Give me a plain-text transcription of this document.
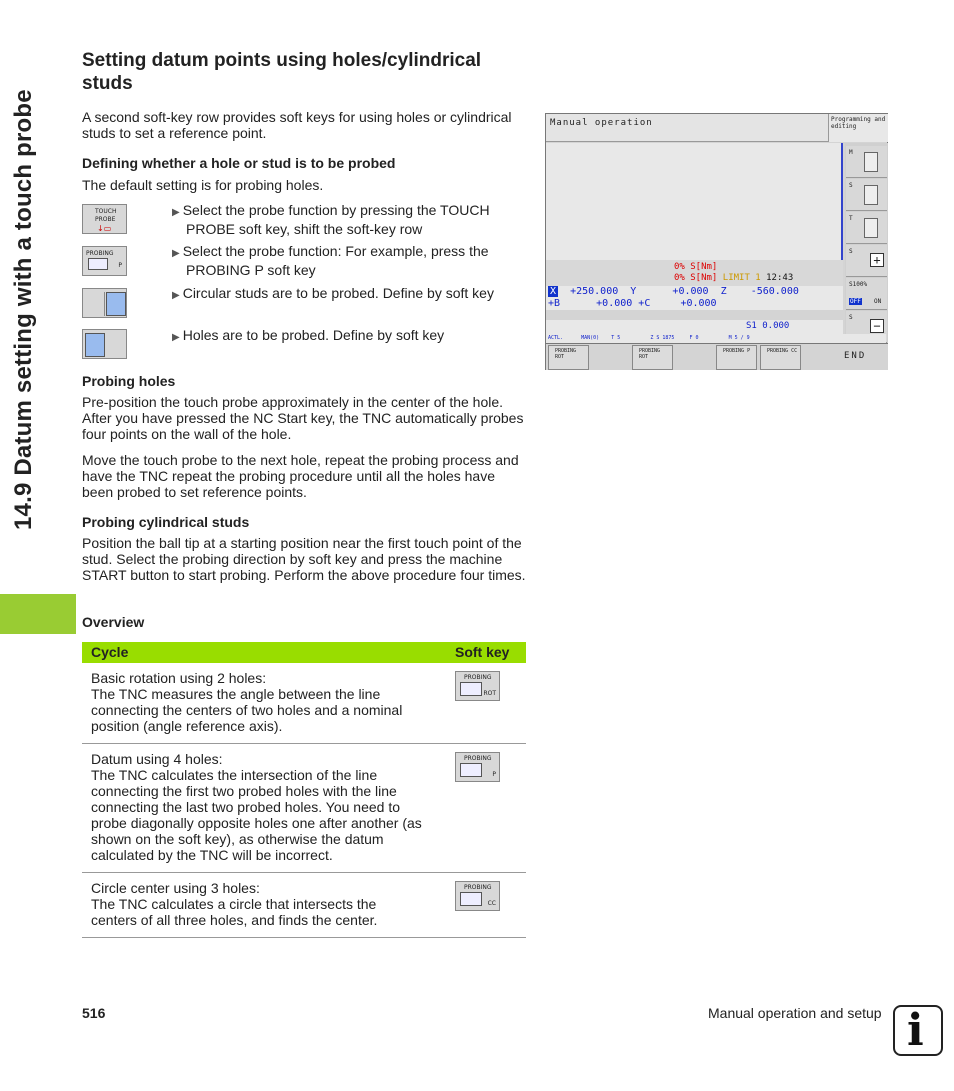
14.9 Datum setting with a touch probe
Setting datum points using holes/cylindrical studs
A second soft-key row provides soft keys for using holes or cylindrical studs to set a reference point.
Defining whether a hole or stud is to be probed
The default setting is for probing holes.
TOUCH
PROBE
↓▭
PROBING
P
▶ Select the probe function by pressing the TOUCH
PROBE soft key, shift the soft-key row
▶ Select the probe function: For example, press the
PROBING P soft key
▶ Circular studs are to be probed. Define by soft key
▶ Holes are to be probed. Define by soft key
Probing holes
Pre-position the touch probe approximately in the center of the hole. After you have pressed the NC Start key, the TNC automatically probes four points on the wall of the hole.
Move the touch probe to the next hole, repeat the probing process and have the TNC repeat the probing procedure until all the holes have been probed to set reference points.
Probing cylindrical studs
Position the ball tip at a starting position near the first touch point of the stud. Select the probing direction by soft key and press the machine START button to start probing. Perform the above procedure four times.
Overview
Cycle	Soft key
Basic rotation using 2 holes:
The TNC measures the angle between the line connecting the centers of two holes and a nominal position (angle reference axis).
PROBING
ROT
Datum using 4 holes:
The TNC calculates the intersection of the line connecting the first two probed holes with the line connecting the last two probed holes. You need to probe diagonally opposite holes one after another (as shown on the soft key), as otherwise the datum calculated by the TNC will be incorrect.
PROBING
P
Circle center using 3 holes:
The TNC calculates a circle that intersects the centers of all three holes, and finds the center.
PROBING
CC
Manual operation	Programming and editing
M
S
T
S
+
S100%
OFF ON
S
−
0% S[Nm]
0% S[Nm] LIMIT 1 12:43
X +250.000  Y      +0.000  Z    -560.000
+B      +0.000 +C     +0.000
S1 0.000
ACTL.      MAN(0)    T 5          Z S 1875     F 0          M 5 / 9
PROBING ROT
PROBING ROT
PROBING P	PROBING CC	END
516	Manual operation and setup i
